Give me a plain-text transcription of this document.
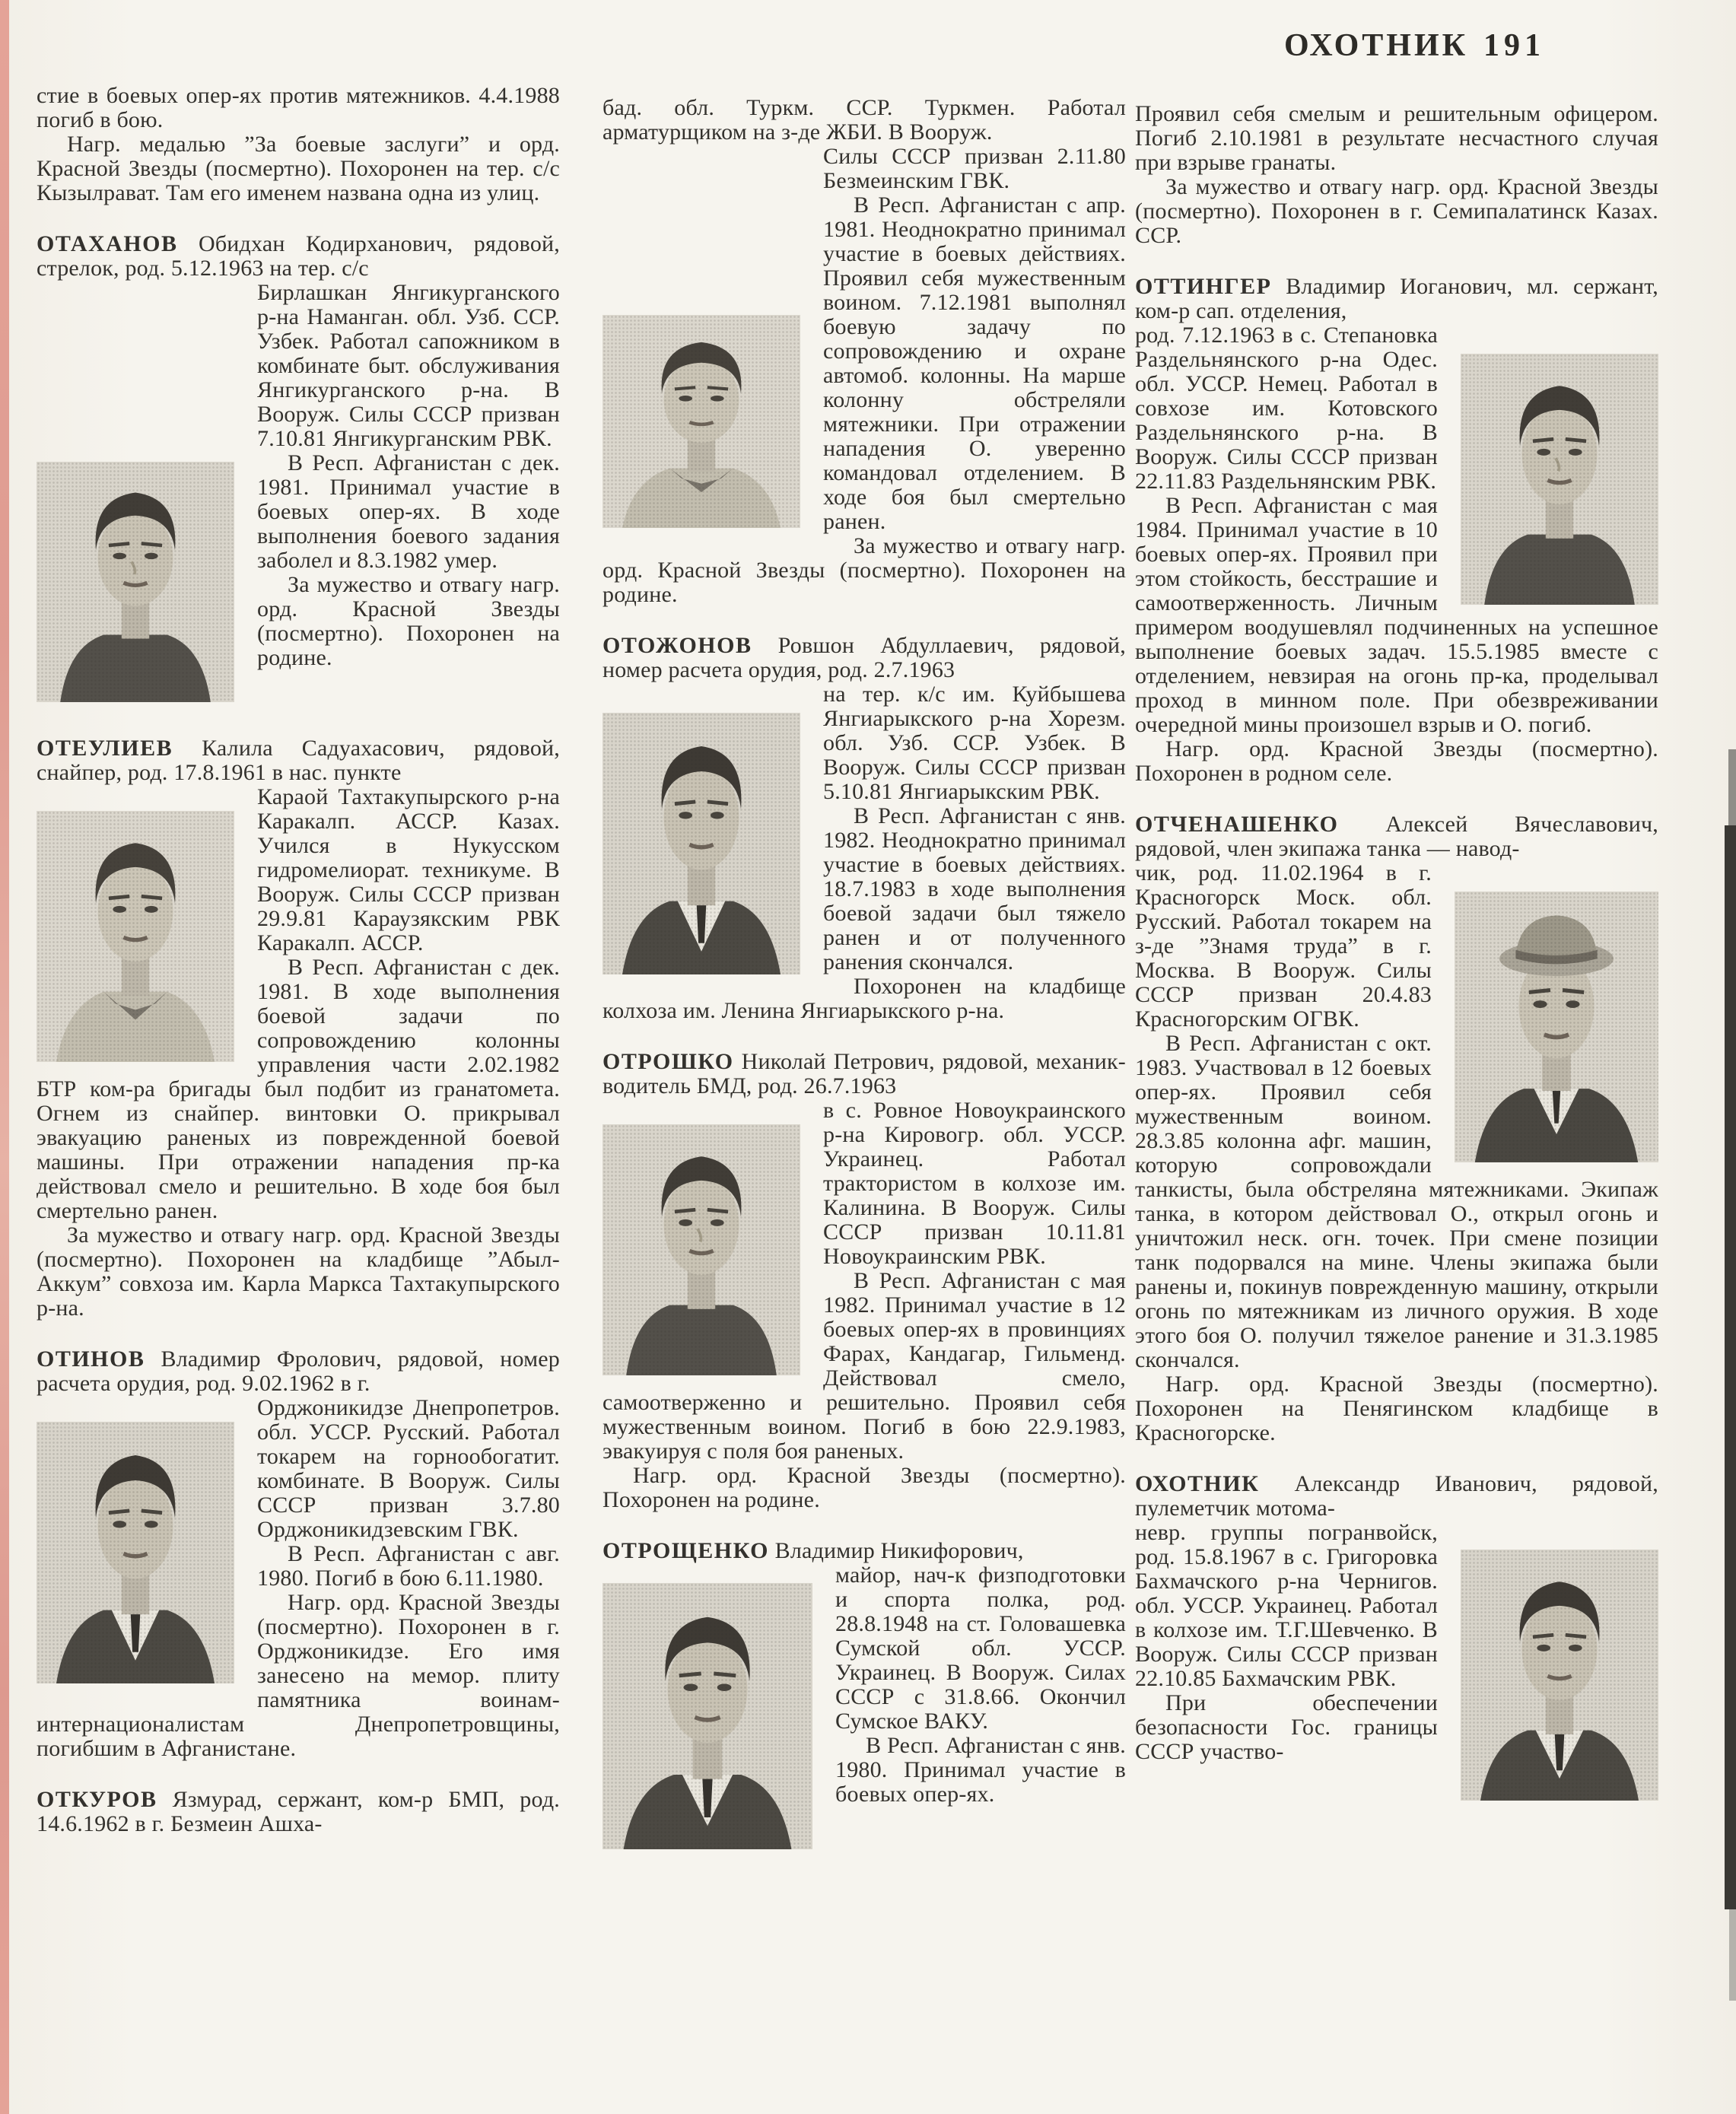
ОХОТНИК 191

стие в боевых опер-ях против мятежников. 4.4.1988 погиб в бою.

Нагр. медалью ”За боевые заслуги” и орд. Красной Звезды (посмертно). Похоронен на тер. с/с Кызылрават. Там его именем названа одна из улиц.

ОТАХАНОВ Обидхан Кодирханович, рядовой, стрелок, род. 5.12.1963 на тер. с/с

Бирлашкан Янгикурганского р-на Наманган. обл. Узб. ССР. Узбек. Работал сапожником в комбинате быт. обслуживания Янгикурганского р-на. В Вооруж. Силы СССР призван 7.10.81 Янгикурганским РВК.

В Респ. Афганистан с дек. 1981. Принимал участие в боевых опер-ях. В ходе выполнения боевого задания заболел и 8.3.1982 умер.

За мужество и отвагу нагр. орд. Красной Звезды (посмертно). Похоронен на родине.

ОТЕУЛИЕВ Калила Садуахасович, рядовой, снайпер, род. 17.8.1961 в нас. пункте

Караой Тахтакупырского р-на Каракалп. АССР. Казах. Учился в Нукусском гидромелиорат. техникуме. В Вооруж. Силы СССР призван 29.9.81 Караузякским РВК Каракалп. АССР.

В Респ. Афганистан с дек. 1981. В ходе выполнения боевой задачи по сопровождению колонны управления части 2.02.1982 БТР ком-ра бригады был подбит из гранатомета. Огнем из снайпер. винтовки О. прикрывал эвакуацию раненых из поврежденной боевой машины. При отражении нападения пр-ка действовал смело и решительно. В ходе боя был смертельно ранен.

За мужество и отвагу нагр. орд. Красной Звезды (посмертно). Похоронен на кладбище ”Абыл-Аккум” совхоза им. Карла Маркса Тахтакупырского р-на.

ОТИНОВ Владимир Фролович, рядовой, номер расчета орудия, род. 9.02.1962 в г.

Орджоникидзе Днепропетров. обл. УССР. Русский. Работал токарем на горнообогатит. комбинате. В Вооруж. Силы СССР призван 3.7.80 Орджоникидзевским ГВК.

В Респ. Афганистан с авг. 1980. Погиб в бою 6.11.1980.

Нагр. орд. Красной Звезды (посмертно). Похоронен в г. Орджоникидзе. Его имя занесено на мемор. плиту памятника воинам-интернационалистам Днепропетровщины, погибшим в Афганистане.

ОТКУРОВ Язмурад, сержант, ком-р БМП, род. 14.6.1962 в г. Безмеин Ашха-

бад. обл. Туркм. ССР. Туркмен. Работал арматурщиком на з-де ЖБИ. В Вооруж.

Силы СССР призван 2.11.80 Безмеинским ГВК.

В Респ. Афганистан с апр. 1981. Неоднократно принимал участие в боевых действиях. Проявил себя мужественным воином. 7.12.1981 выполнял боевую задачу по сопровождению и охране автомоб. колонны. На марше колонну обстреляли мятежники. При отражении нападения О. уверенно командовал отделением. В ходе боя был смертельно ранен.

За мужество и отвагу нагр. орд. Красной Звезды (посмертно). Похоронен на родине.

ОТОЖОНОВ Ровшон Абдуллаевич, рядовой, номер расчета орудия, род. 2.7.1963

на тер. к/с им. Куйбышева Янгиарыкского р-на Хорезм. обл. Узб. ССР. Узбек. В Вооруж. Силы СССР призван 5.10.81 Янгиарыкским РВК.

В Респ. Афганистан с янв. 1982. Неоднократно принимал участие в боевых действиях. 18.7.1983 в ходе выполнения боевой задачи был тяжело ранен и от полученного ранения скончался.

Похоронен на кладбище колхоза им. Ленина Янгиарыкского р-на.

ОТРОШКО Николай Петрович, рядовой, механик-водитель БМД, род. 26.7.1963

в с. Ровное Новоукраинского р-на Кировогр. обл. УССР. Украинец. Работал трактористом в колхозе им. Калинина. В Вооруж. Силы СССР призван 10.11.81 Новоукраинским РВК.

В Респ. Афганистан с мая 1982. Принимал участие в 12 боевых опер-ях в провинциях Фарах, Кандагар, Гильменд. Действовал смело, самоотверженно и решительно. Проявил себя мужественным воином. Погиб в бою 22.9.1983, эвакуируя с поля боя раненых.

Нагр. орд. Красной Звезды (посмертно). Похоронен на родине.

ОТРОЩЕНКО Владимир Никифорович,

майор, нач-к физподготовки и спорта полка, род. 28.8.1948 на ст. Головашевка Сумской обл. УССР. Украинец. В Вооруж. Силах СССР с 31.8.66. Окончил Сумское ВАКУ.

В Респ. Афганистан с янв. 1980. Принимал участие в боевых опер-ях.

Проявил себя смелым и решительным офицером. Погиб 2.10.1981 в результате несчастного случая при взрыве гранаты.

За мужество и отвагу нагр. орд. Красной Звезды (посмертно). Похоронен в г. Семипалатинск Казах. ССР.

ОТТИНГЕР Владимир Иоганович, мл. сержант, ком-р сап. отделения,

род. 7.12.1963 в с. Степановка Раздельнянского р-на Одес. обл. УССР. Немец. Работал в совхозе им. Котовского Раздельнянского р-на. В Вооруж. Силы СССР призван 22.11.83 Раздельнянским РВК.

В Респ. Афганистан с мая 1984. Принимал участие в 10 боевых опер-ях. Проявил при этом стойкость, бесстрашие и самоотверженность. Личным примером воодушевлял подчиненных на успешное выполнение боевых задач. 15.5.1985 вместе с отделением, невзирая на огонь пр-ка, проделывал проход в минном поле. При обезвреживании очередной мины произошел взрыв и О. погиб.

Нагр. орд. Красной Звезды (посмертно). Похоронен в родном селе.

ОТЧЕНАШЕНКО Алексей Вячеславович, рядовой, член экипажа танка — навод-

чик, род. 11.02.1964 в г. Красногорск Моск. обл. Русский. Работал токарем на з-де ”Знамя труда” в г. Москва. В Вооруж. Силы СССР призван 20.4.83 Красногорским ОГВК.

В Респ. Афганистан с окт. 1983. Участвовал в 12 боевых опер-ях. Проявил себя мужественным воином. 28.3.85 колонна афг. машин, которую сопровождали танкисты, была обстреляна мятежниками. Экипаж танка, в котором действовал О., открыл огонь и уничтожил неск. огн. точек. При смене позиции танк подорвался на мине. Члены экипажа были ранены и, покинув поврежденную машину, открыли огонь по мятежникам из личного оружия. В ходе этого боя О. получил тяжелое ранение и 31.3.1985 скончался.

Нагр. орд. Красной Звезды (посмертно). Похоронен на Пенягинском кладбище в Красногорске.

ОХОТНИК Александр Иванович, рядовой, пулеметчик мотома-

невр. группы погранвойск, род. 15.8.1967 в с. Григоровка Бахмачского р-на Чернигов. обл. УССР. Украинец. Работал в колхозе им. Т.Г.Шевченко. В Вооруж. Силы СССР призван 22.10.85 Бахмачским РВК.

При обеспечении безопасности Гос. границы СССР участво-
